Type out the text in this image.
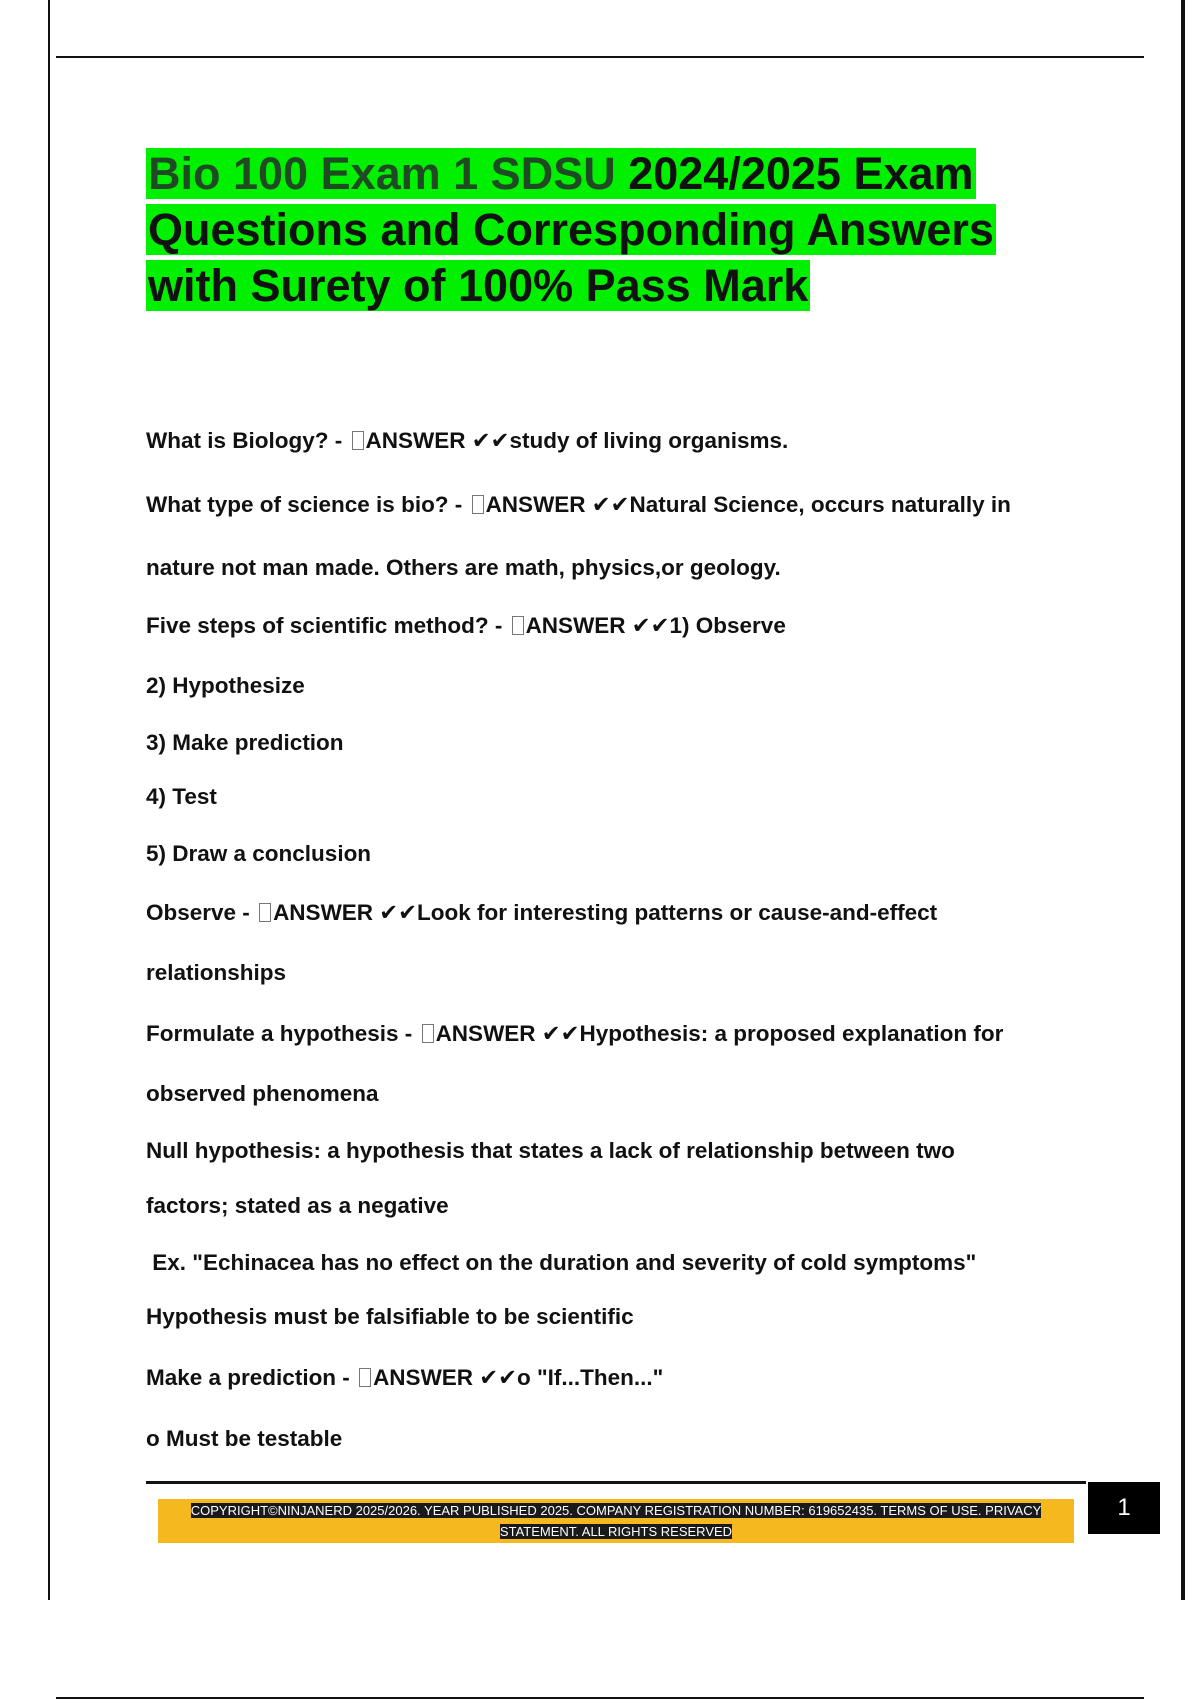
Bio 100 Exam 1 SDSU 2024/2025 Exam
Questions and Corresponding Answers
with Surety of 100% Pass Mark
What is Biology? - ANSWER ✔✔study of living organisms.
What type of science is bio? - ANSWER ✔✔Natural Science, occurs naturally in
nature not man made. Others are math, physics,or geology.
Five steps of scientific method? - ANSWER ✔✔1) Observe
2) Hypothesize
3) Make prediction
4) Test
5) Draw a conclusion
Observe - ANSWER ✔✔Look for interesting patterns or cause-and-effect
relationships
Formulate a hypothesis - ANSWER ✔✔Hypothesis: a proposed explanation for
observed phenomena
Null hypothesis: a hypothesis that states a lack of relationship between two
factors; stated as a negative
Ex. "Echinacea has no effect on the duration and severity of cold symptoms"
Hypothesis must be falsifiable to be scientific
Make a prediction - ANSWER ✔✔o "If...Then..."
o Must be testable
COPYRIGHT©NINJANERD 2025/2026. YEAR PUBLISHED 2025. COMPANY REGISTRATION NUMBER: 619652435. TERMS OF USE. PRIVACY
STATEMENT. ALL RIGHTS RESERVED
1
